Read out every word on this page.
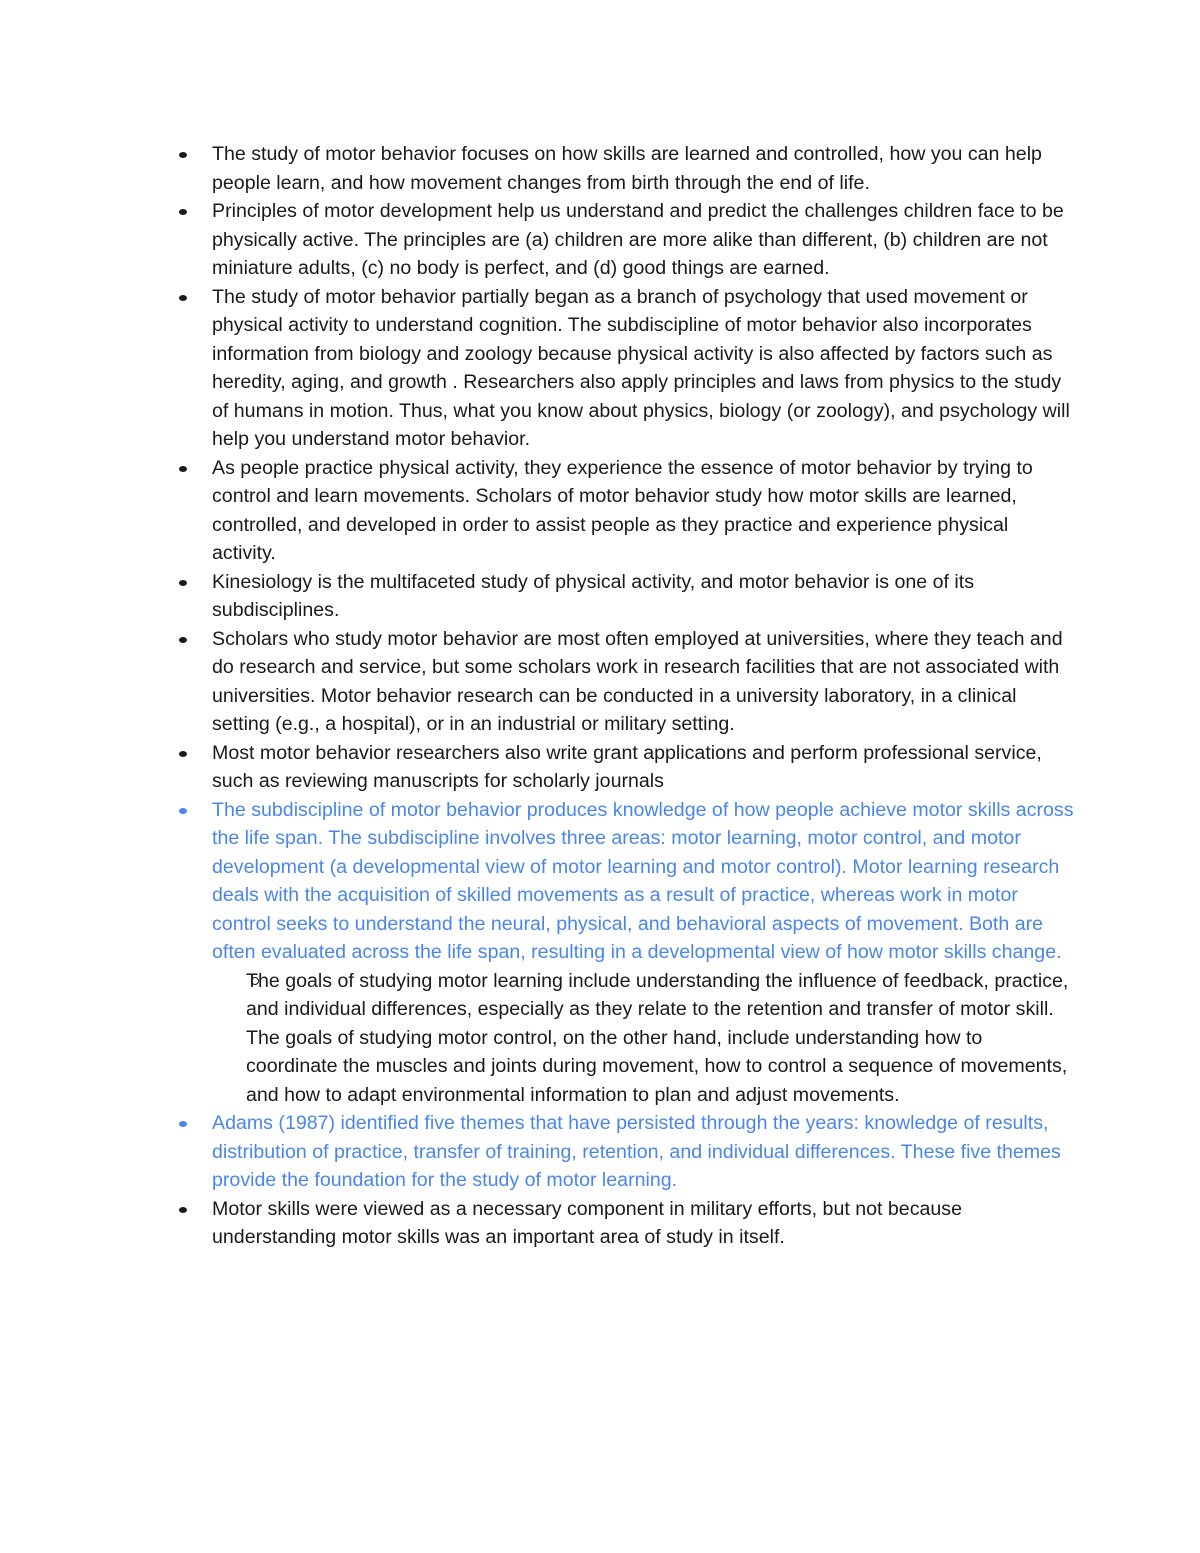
The study of motor behavior focuses on how skills are learned and controlled, how you can help people learn, and how movement changes from birth through the end of life.
Principles of motor development help us understand and predict the challenges children face to be physically active. The principles are (a) children are more alike than different, (b) children are not miniature adults, (c) no body is perfect, and (d) good things are earned.
The study of motor behavior partially began as a branch of psychology that used movement or physical activity to understand cognition. The subdiscipline of motor behavior also incorporates information from biology and zoology because physical activity is also affected by factors such as heredity, aging, and growth . Researchers also apply principles and laws from physics to the study of humans in motion. Thus, what you know about physics, biology (or zoology), and psychology will help you understand motor behavior.
As people practice physical activity, they experience the essence of motor behavior by trying to control and learn movements. Scholars of motor behavior study how motor skills are learned, controlled, and developed in order to assist people as they practice and experience physical activity.
Kinesiology is the multifaceted study of physical activity, and motor behavior is one of its subdisciplines.
Scholars who study motor behavior are most often employed at universities, where they teach and do research and service, but some scholars work in research facilities that are not associated with universities. Motor behavior research can be conducted in a university laboratory, in a clinical setting (e.g., a hospital), or in an industrial or military setting.
Most motor behavior researchers also write grant applications and perform professional service, such as reviewing manuscripts for scholarly journals
The subdiscipline of motor behavior produces knowledge of how people achieve motor skills across the life span. The subdiscipline involves three areas: motor learning, motor control, and motor development (a developmental view of motor learning and motor control). Motor learning research deals with the acquisition of skilled movements as a result of practice, whereas work in motor control seeks to understand the neural, physical, and behavioral aspects of movement. Both are often evaluated across the life span, resulting in a developmental view of how motor skills change.
The goals of studying motor learning include understanding the influence of feedback, practice, and individual differences, especially as they relate to the retention and transfer of motor skill. The goals of studying motor control, on the other hand, include understanding how to coordinate the muscles and joints during movement, how to control a sequence of movements, and how to adapt environmental information to plan and adjust movements.
Adams (1987) identified five themes that have persisted through the years: knowledge of results, distribution of practice, transfer of training, retention, and individual differences. These five themes provide the foundation for the study of motor learning.
Motor skills were viewed as a necessary component in military efforts, but not because understanding motor skills was an important area of study in itself.
